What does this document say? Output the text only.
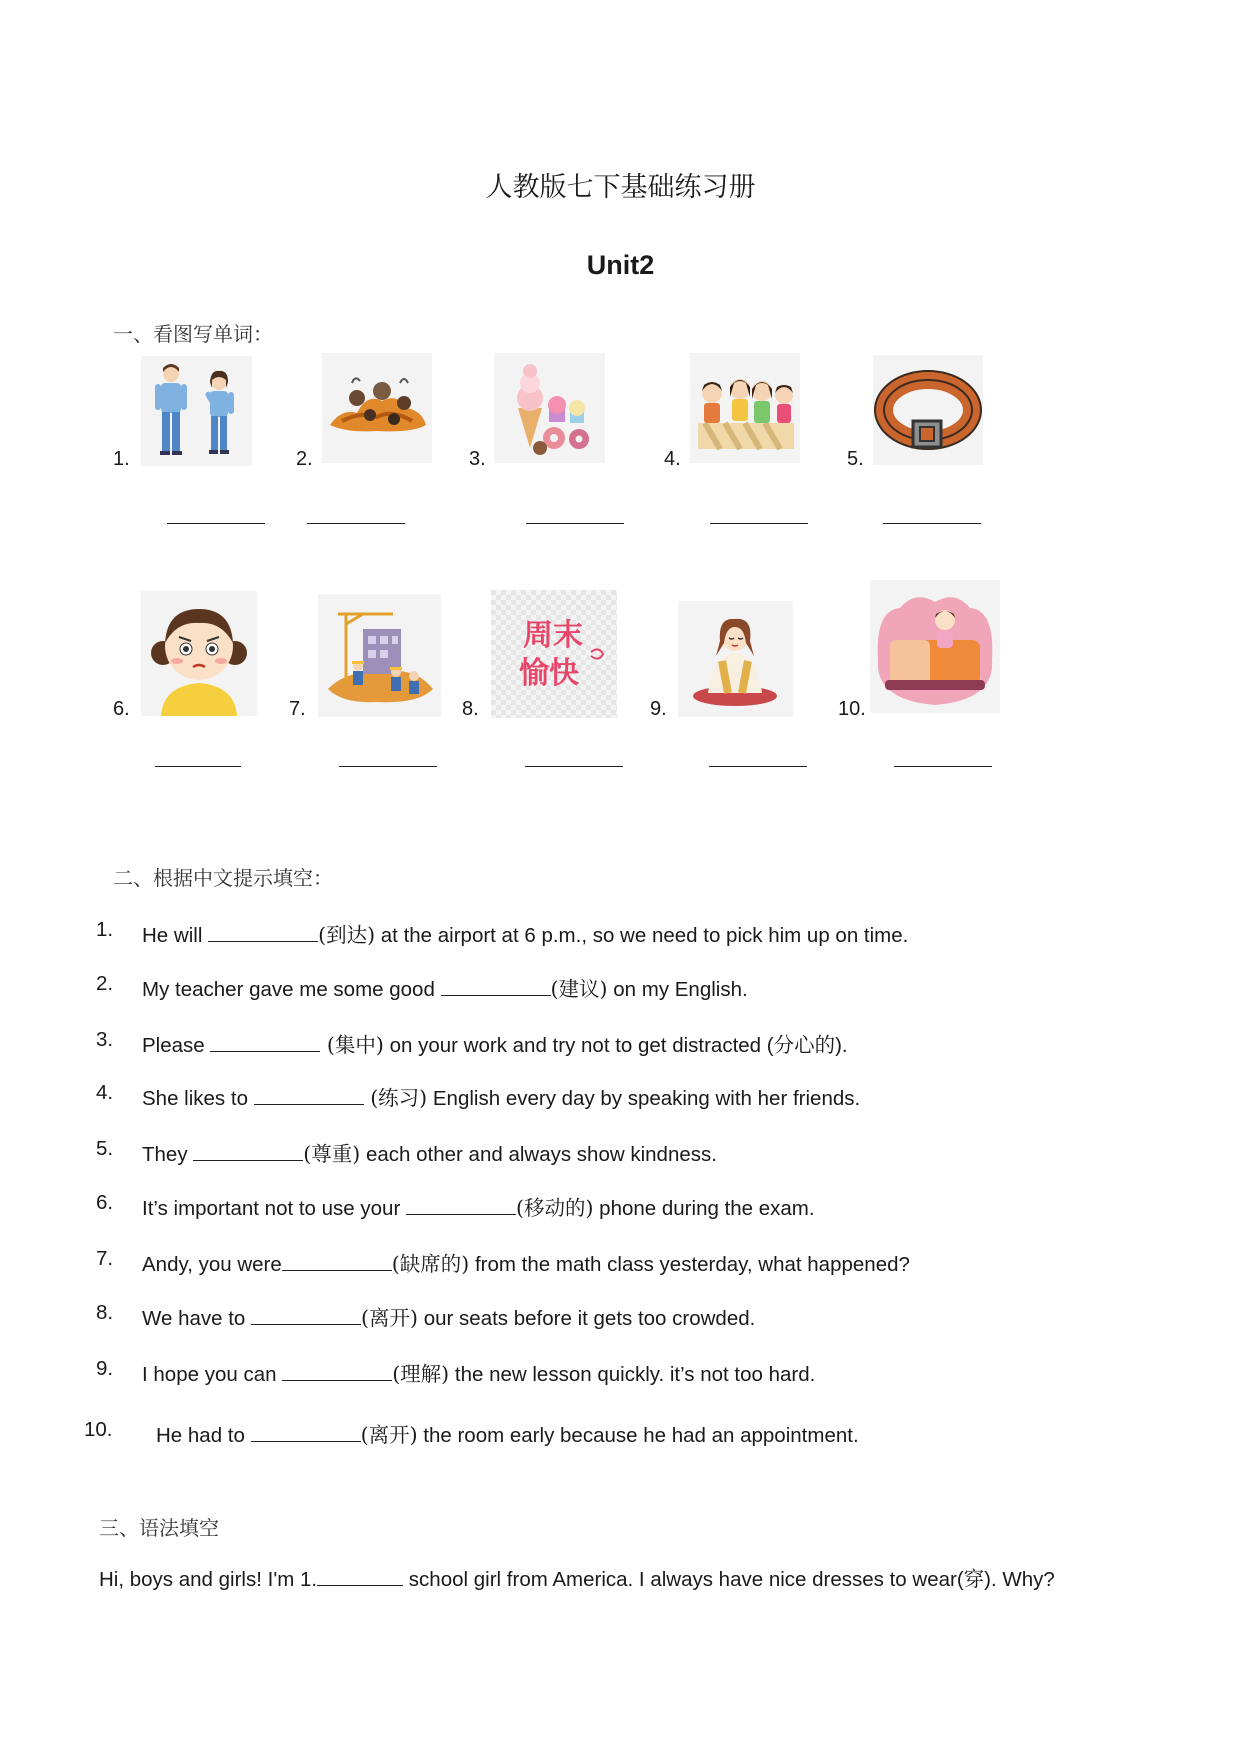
人教版七下基础练习册
Unit2
一、看图写单词：
1.	2.	3.	4.	5.
6.	7.	8.	9.	10.
周末
愉快
二、根据中文提示填空：
1. He will	(到达) at the airport at 6 p.m., so we need to pick him up on time.
2. My teacher gave me some good	(建议) on my English.
3. Please	(集中) on your work and try not to get distracted (分心的).
4. She likes to	(练习) English every day by speaking with her friends.
5. They	(尊重) each other and always show kindness.
6. It’s important not to use your	(移动的) phone during the exam.
7. Andy, you were	(缺席的) from the math class yesterday, what happened?
8. We have to	(离开) our seats before it gets too crowded.
9. I hope you can	(理解) the new lesson quickly. it’s not too hard.
10. He had to	(离开) the room early because he had an appointment.
三、语法填空
Hi, boys and girls! I'm 1.	school girl from America. I always have nice dresses to wear(穿). Why?
